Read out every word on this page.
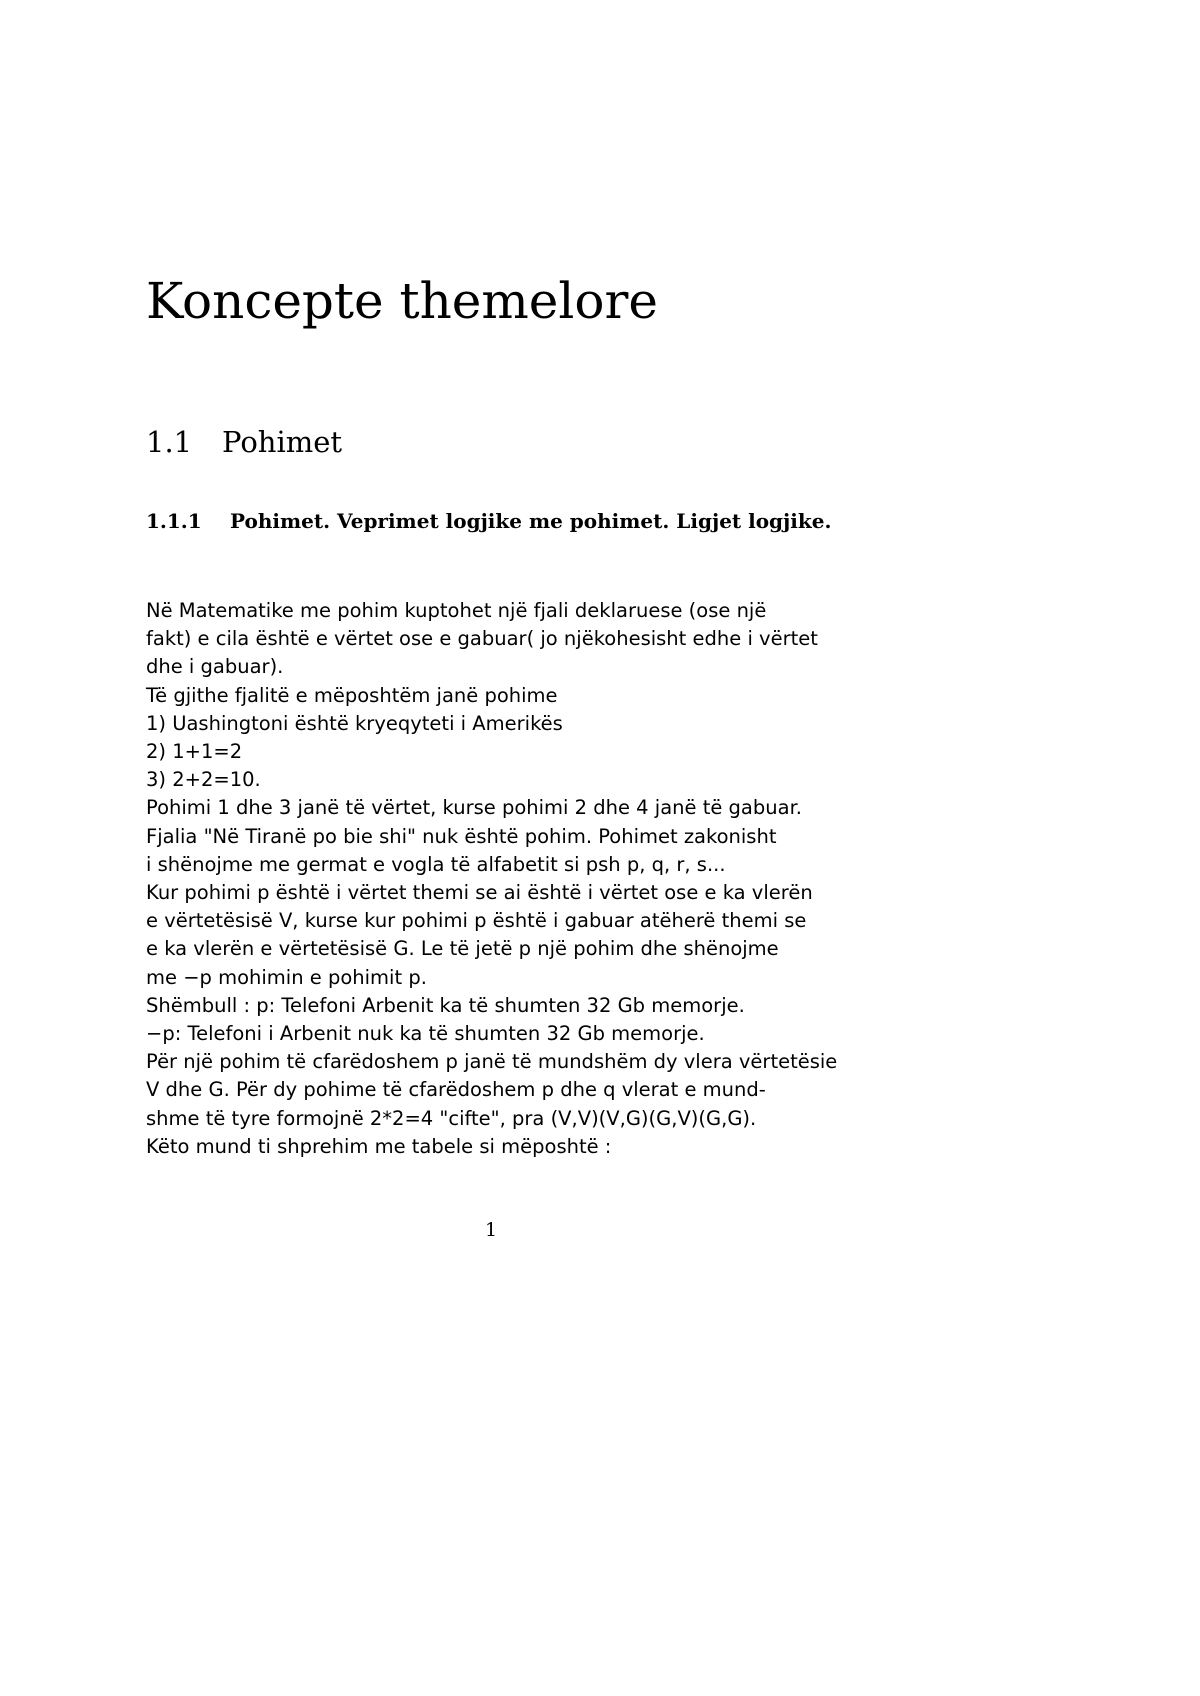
Koncepte themelore
1.1 Pohimet
1.1.1 Pohimet. Veprimet logjike me pohimet. Ligjet logjike.
Në Matematike me pohim kuptohet një fjali deklaruese (ose një
fakt) e cila është e vërtet ose e gabuar( jo njëkohesisht edhe i vërtet
dhe i gabuar).
Të gjithe fjalitë e mëposhtëm janë pohime
1) Uashingtoni është kryeqyteti i Amerikës
2) 1+1=2
3) 2+2=10.
Pohimi 1 dhe 3 janë të vërtet, kurse pohimi 2 dhe 4 janë të gabuar.
Fjalia "Në Tiranë po bie shi" nuk është pohim. Pohimet zakonisht
i shënojme me germat e vogla të alfabetit si psh p, q, r, s...
Kur pohimi p është i vërtet themi se ai është i vërtet ose e ka vlerën
e vërtetësisë V, kurse kur pohimi p është i gabuar atëherë themi se
e ka vlerën e vërtetësisë G. Le të jetë p një pohim dhe shënojme
me −p mohimin e pohimit p.
Shëmbull : p: Telefoni Arbenit ka të shumten 32 Gb memorje.
−p: Telefoni i Arbenit nuk ka të shumten 32 Gb memorje.
Për një pohim të cfarëdoshem p janë të mundshëm dy vlera vërtetësie
V dhe G. Për dy pohime të cfarëdoshem p dhe q vlerat e mund-
shme të tyre formojnë 2*2=4 "cifte", pra (V,V)(V,G)(G,V)(G,G).
Këto mund ti shprehim me tabele si mëposhtë :
1
